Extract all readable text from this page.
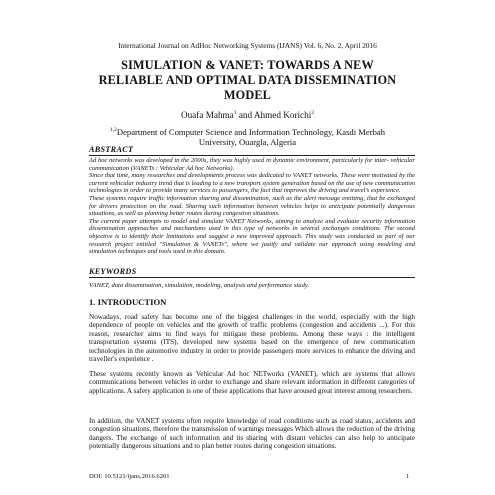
International Journal on AdHoc Networking Systems (IJANS) Vol. 6, No. 2, April 2016
SIMULATION & VANET: TOWARDS A NEW
RELIABLE AND OPTIMAL DATA DISSEMINATION
MODEL
Ouafa Mahma$^1$ and Ahmed Korichi$^2$
$^{1,2}$Department of Computer Science and Information Technology, Kasdi Merbah
University, Ouargla, Algeria
ABSTRACT

Ad hoc networks was developed in the 2000s, they was highly used in dynamic environment, particularly for inter- vehicular communication (VANETs : Vehicular Ad hoc Networks).

Since that time, many researches and developments process was dedicated to VANET networks. These were motivated by the current vehicular industry trend that is leading to a new transport system generation based on the use of new communication technologies in order to provide many services to passengers, the fact that improves the driving and travel’s experience.

These systems require traffic information sharing and dissemination, such as the alert message emitting, that be exchanged for drivers protection on the road. Sharing such information between vehicles helps to anticipate potentially dangerous situations, as well as planning better routes during congestion situations.

The current paper attempts to model and simulate VANET Networks, aiming to analyze and evaluate security information dissemination approaches and mechanisms used in this type of networks in several exchanges conditions. The second objective is to identify their limitations and suggest a new improved approach. This study was conducted as part of our research project entitled "Simulation & VANETs", where we justify and validate our approach using modeling and simulation techniques and tools used in this domain.

KEYWORDS
VANET, data dissemination, simulation, modeling, analysis and performance study.
1. INTRODUCTION
Nowadays, road safety has become one of the biggest challenges in the world, especially with the high dependence of people on vehicles and the growth of traffic problems (congestion and accidents ...). For this reason, researcher aims to find ways for mitigate these problems. Among these ways : the intelligent transportation systems (ITS), developed new systems based on the emergence of new communication technologies in the automotive industry in order to provide passengers more services to enhance the driving and traveller's experience .
These systems recently known as Vehicular Ad hoc NETworks (VANET), which are systems that allows communications between vehicles in order to exchange and share relevant information in different categories of applications. A safety application is one of these applications that have aroused great interest among researchers.
In addition, the VANET systems often require knowledge of road conditions such as road status, accidents and congestion situations, therefore the transmission of warnings messages Which allows the reduction of the driving dangers. The exchange of such information and its sharing with distant vehicles can also help to anticipate potentially dangerous situations and to plan better routes during congestion situations.
DOI: 10.5121/ijans.2016.6201	1
